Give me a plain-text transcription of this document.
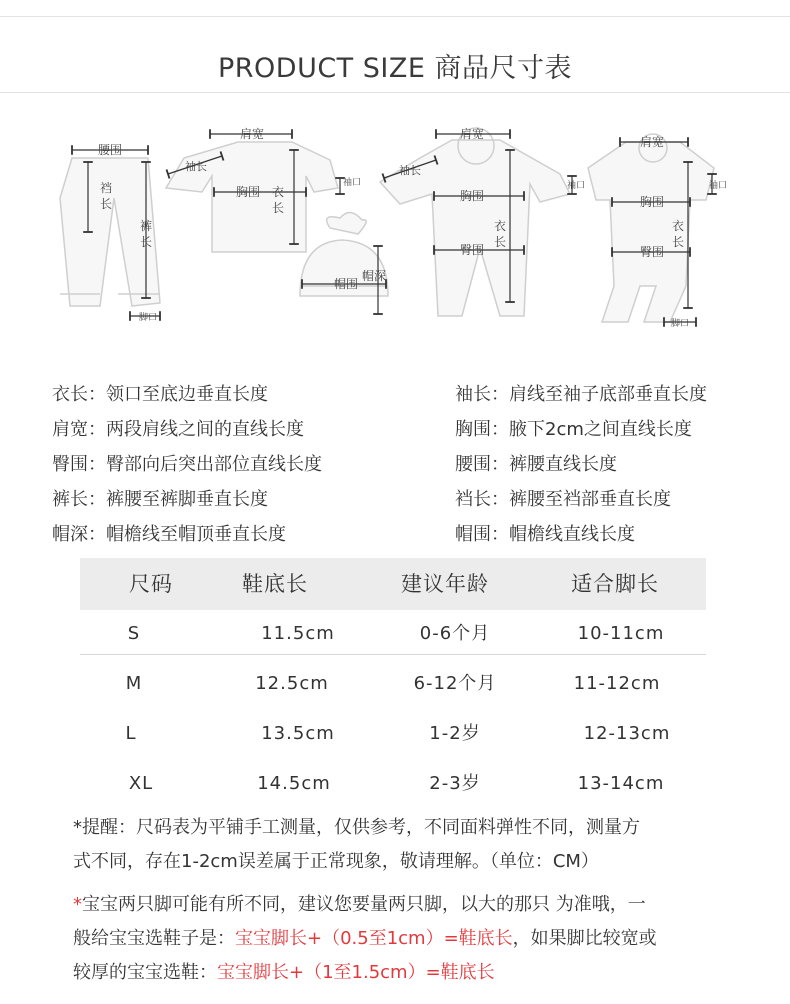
PRODUCT SIZE 商品尺寸表
腰围
裆
长
裤
长
脚口
肩宽
袖长
胸围 衣
长
袖口
帽深
帽围
肩宽
袖长
胸围
臀围
衣
长
袖口
肩宽
胸围
臀围
衣
长
袖口
脚口
衣长：领口至底边垂直长度	袖长：肩线至袖子底部垂直长度
肩宽：两段肩线之间的直线长度	胸围：腋下2cm之间直线长度
臀围：臀部向后突出部位直线长度	腰围：裤腰直线长度
裤长：裤腰至裤脚垂直长度	裆长：裤腰至裆部垂直长度
帽深：帽檐线至帽顶垂直长度	帽围：帽檐线直线长度
尺码	鞋底长	建议年龄	适合脚长
S	11.5cm	0-6个月	10-11cm
M	12.5cm	6-12个月	11-12cm
L	13.5cm	1-2岁	12-13cm
XL	14.5cm	2-3岁	13-14cm
*提醒：尺码表为平铺手工测量，仅供参考，不同面料弹性不同，测量方
式不同，存在1-2cm误差属于正常现象，敬请理解。（单位：CM）
*宝宝两只脚可能有所不同，建议您要量两只脚，以大的那只 为准哦，一
般给宝宝选鞋子是：宝宝脚长+（0.5至1cm）=鞋底长，如果脚比较宽或
较厚的宝宝选鞋：宝宝脚长+（1至1.5cm）=鞋底长
